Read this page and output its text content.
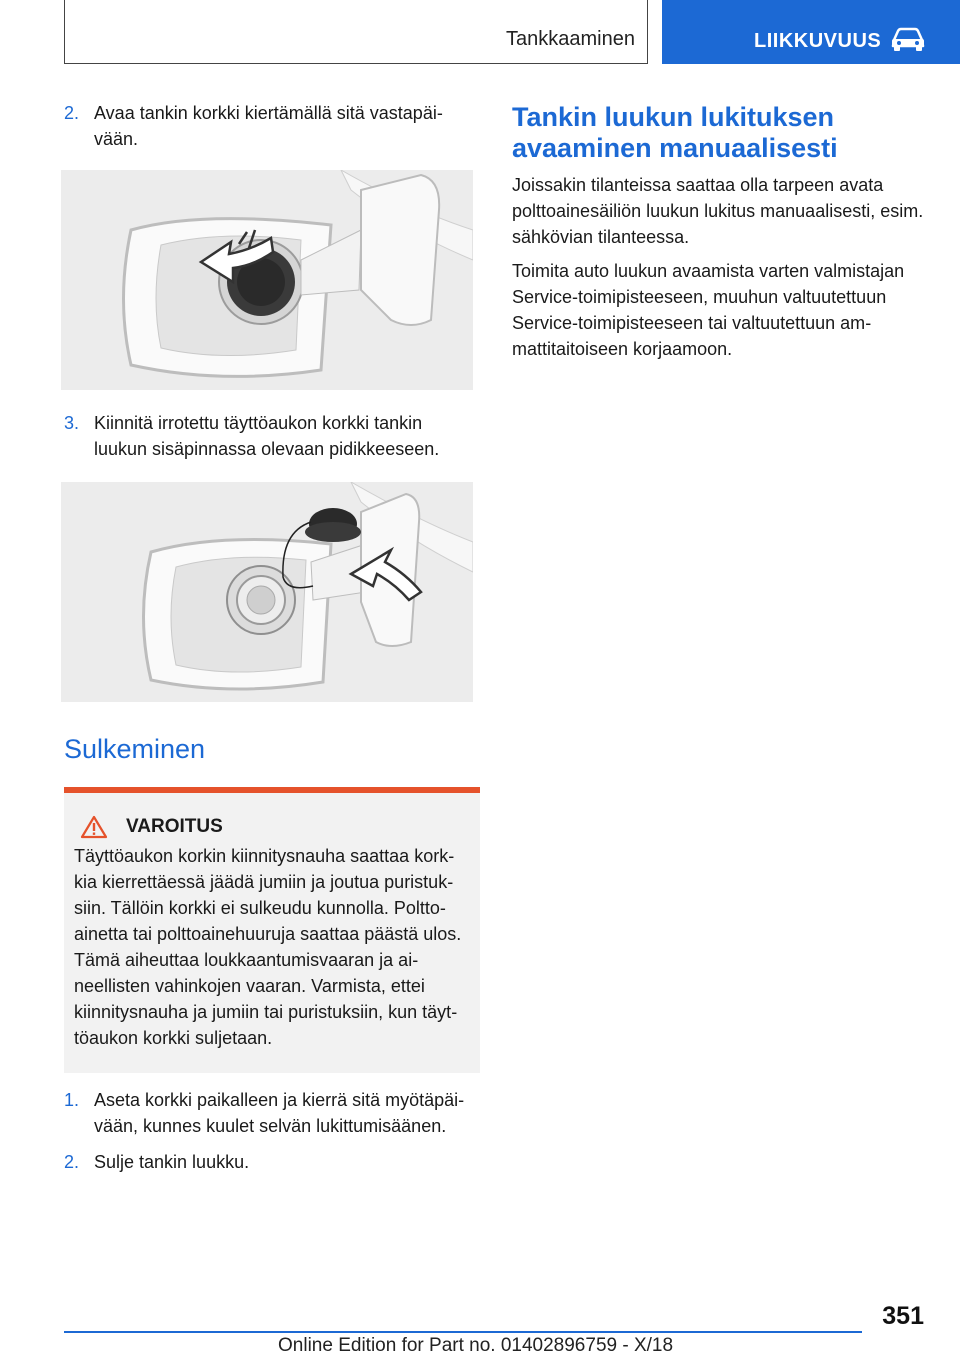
Tankkaaminen	LIIKKUVUUS

2. Avaa tankin korkki kiertämällä sitä vastapäivään.

3. Kiinnitä irrotettu täyttöaukon korkki tankin luukun sisäpinnassa olevaan pidikkeeseen.

Sulkeminen
VAROITUS
Täyttöaukon korkin kiinnitysnauha saattaa korkkia kierrettäessä jäädä jumiin ja joutua puristuksiin. Tällöin korkki ei sulkeudu kunnolla. Polttoainetta tai polttoainehuuruja saattaa päästä ulos. Tämä aiheuttaa loukkaantumisvaaran ja aineellisten vahinkojen vaaran. Varmista, ettei kiinnitysnauha ja jumiin tai puristuksiin, kun täyttöaukon korkki suljetaan.

1. Aseta korkki paikalleen ja kierrä sitä myötäpäivään, kunnes kuulet selvän lukittumisäänen.

2. Sulje tankin luukku.

Tankin luukun lukituksen avaaminen manuaalisesti

Joissakin tilanteissa saattaa olla tarpeen avata polttoainesäiliön luukun lukitus manuaalisesti, esim. sähkövian tilanteessa.

Toimita auto luukun avaamista varten valmistajan Service-toimipisteeseen, muuhun valtuutettuun Service-toimipisteeseen tai valtuutettuun ammattitaitoiseen korjaamoon.

351
Online Edition for Part no. 01402896759 - X/18
